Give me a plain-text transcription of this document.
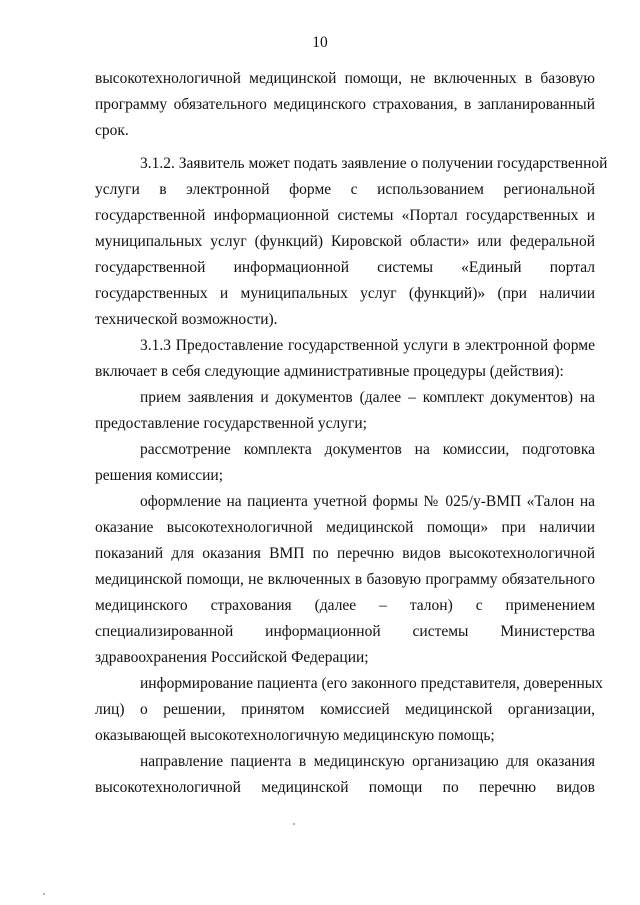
10
высокотехнологичной медицинской помощи, не включенных в базовую
программу обязательного медицинского страхования, в запланированный
срок.
3.1.2. Заявитель может подать заявление о получении государственной
услуги в электронной форме с использованием региональной
государственной информационной системы «Портал государственных и
муниципальных услуг (функций) Кировской области» или федеральной
государственной информационной системы «Единый портал
государственных и муниципальных услуг (функций)» (при наличии
технической возможности).
3.1.3 Предоставление государственной услуги в электронной форме
включает в себя следующие административные процедуры (действия):
прием заявления и документов (далее – комплект документов) на
предоставление государственной услуги;
рассмотрение комплекта документов на комиссии, подготовка
решения комиссии;
оформление на пациента учетной формы № 025/у-ВМП «Талон на
оказание высокотехнологичной медицинской помощи» при наличии
показаний для оказания ВМП по перечню видов высокотехнологичной
медицинской помощи, не включенных в базовую программу обязательного
медицинского страхования (далее – талон) с применением
специализированной информационной системы Министерства
здравоохранения Российской Федерации;
информирование пациента (его законного представителя, доверенных
лиц) о решении, принятом комиссией медицинской организации,
оказывающей высокотехнологичную медицинскую помощь;
направление пациента в медицинскую организацию для оказания
высокотехнологичной медицинской помощи по перечню видов
